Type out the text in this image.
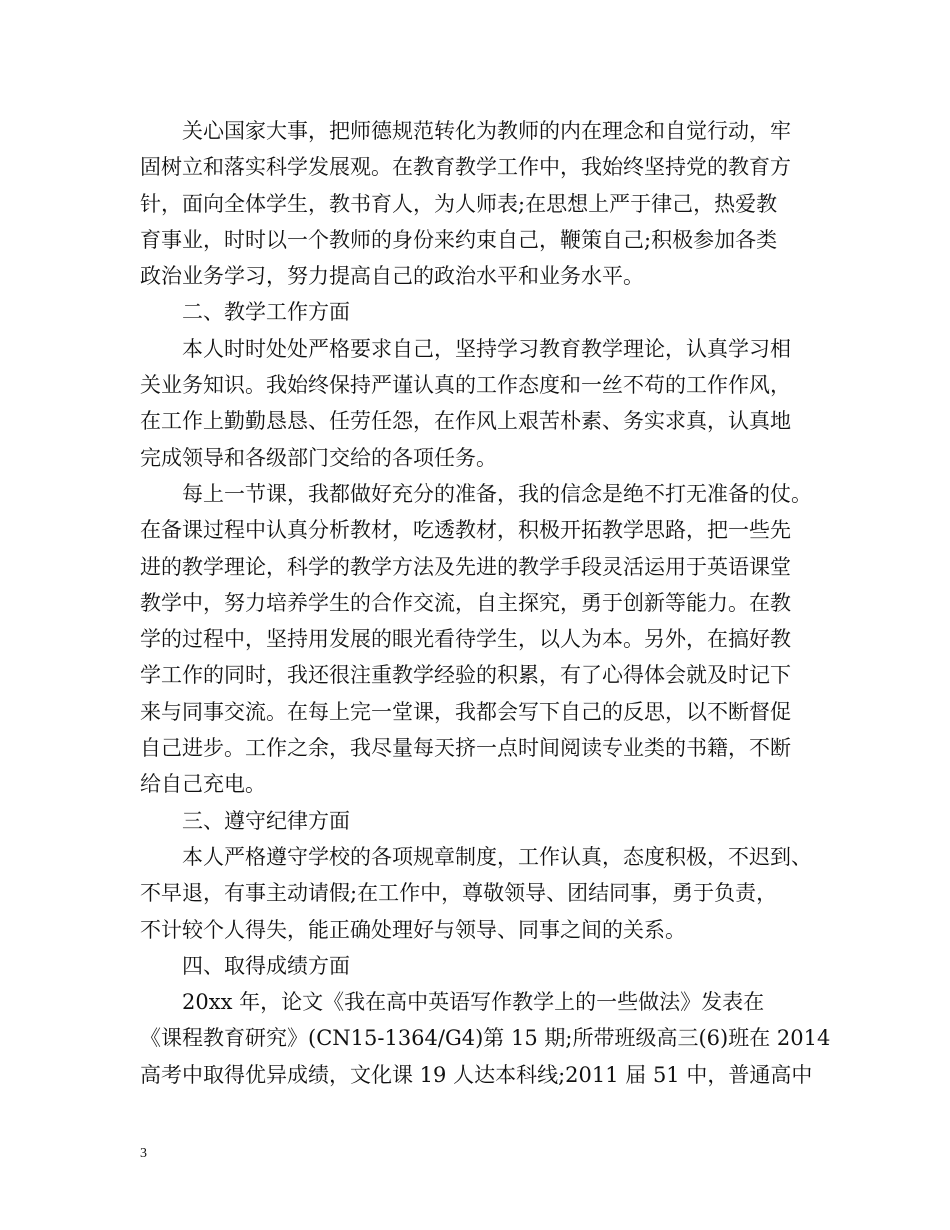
关心国家大事，把师德规范转化为教师的内在理念和自觉行动，牢
固树立和落实科学发展观。在教育教学工作中，我始终坚持党的教育方
针，面向全体学生，教书育人，为人师表;在思想上严于律己，热爱教
育事业，时时以一个教师的身份来约束自己，鞭策自己;积极参加各类
政治业务学习，努力提高自己的政治水平和业务水平。
二、教学工作方面
本人时时处处严格要求自己，坚持学习教育教学理论，认真学习相
关业务知识。我始终保持严谨认真的工作态度和一丝不苟的工作作风，
在工作上勤勤恳恳、任劳任怨，在作风上艰苦朴素、务实求真，认真地
完成领导和各级部门交给的各项任务。
每上一节课，我都做好充分的准备，我的信念是绝不打无准备的仗。
在备课过程中认真分析教材，吃透教材，积极开拓教学思路，把一些先
进的教学理论，科学的教学方法及先进的教学手段灵活运用于英语课堂
教学中，努力培养学生的合作交流，自主探究，勇于创新等能力。在教
学的过程中，坚持用发展的眼光看待学生，以人为本。另外，在搞好教
学工作的同时，我还很注重教学经验的积累，有了心得体会就及时记下
来与同事交流。在每上完一堂课，我都会写下自己的反思，以不断督促
自己进步。工作之余，我尽量每天挤一点时间阅读专业类的书籍，不断
给自己充电。
三、遵守纪律方面
本人严格遵守学校的各项规章制度，工作认真，态度积极，不迟到、
不早退，有事主动请假;在工作中，尊敬领导、团结同事，勇于负责，
不计较个人得失，能正确处理好与领导、同事之间的关系。
四、取得成绩方面
20xx 年，论文《我在高中英语写作教学上的一些做法》发表在
《课程教育研究》(CN15-1364/G4)第 15 期;所带班级高三(6)班在 2014
高考中取得优异成绩，文化课 19 人达本科线;2011 届 51 中，普通高中
3
